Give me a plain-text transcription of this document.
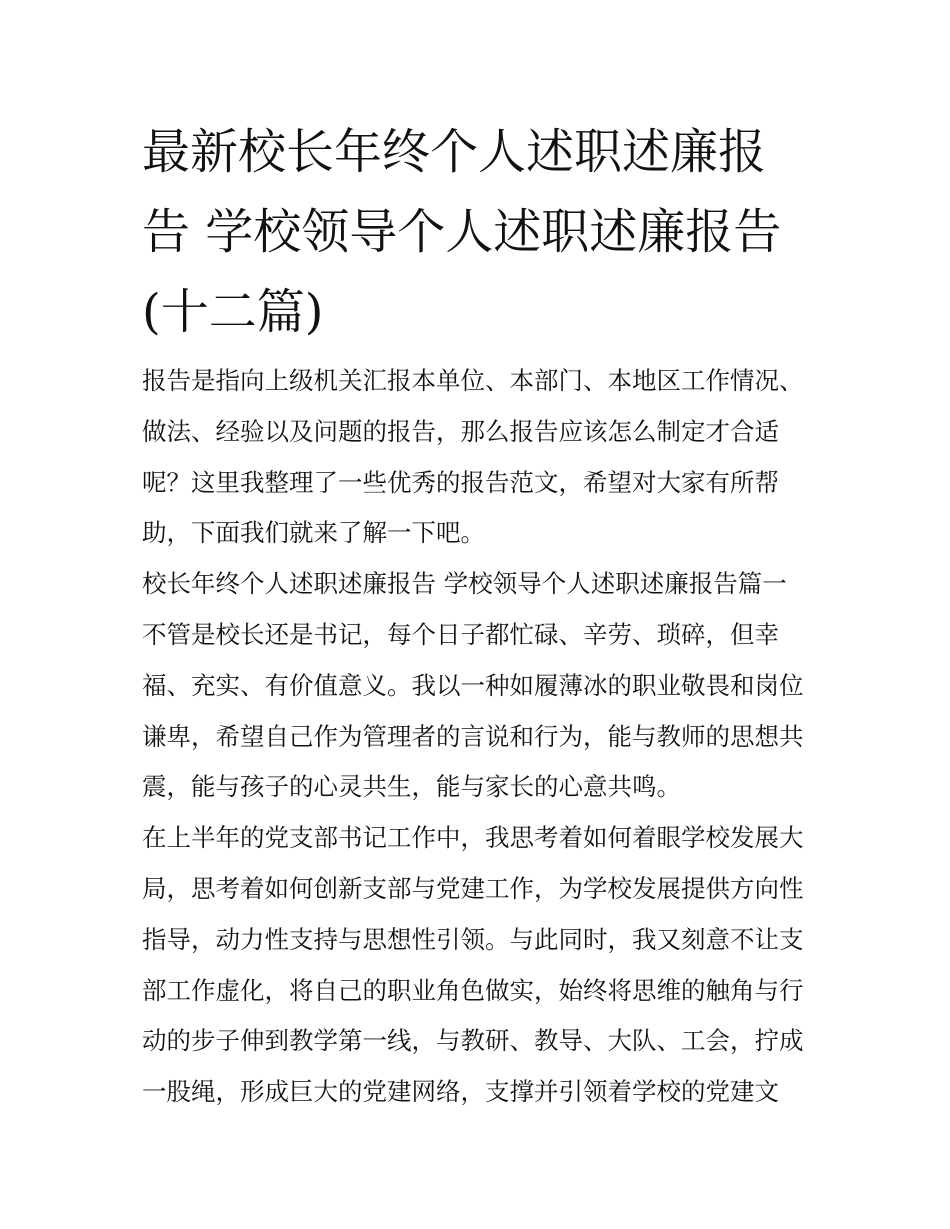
最新校长年终个人述职述廉报
告 学校领导个人述职述廉报告
(十二篇)

报告是指向上级机关汇报本单位、本部门、本地区工作情况、
做法、经验以及问题的报告，那么报告应该怎么制定才合适
呢？这里我整理了一些优秀的报告范文，希望对大家有所帮
助，下面我们就来了解一下吧。

校长年终个人述职述廉报告 学校领导个人述职述廉报告篇一

不管是校长还是书记，每个日子都忙碌、辛劳、琐碎，但幸
福、充实、有价值意义。我以一种如履薄冰的职业敬畏和岗位
谦卑，希望自己作为管理者的言说和行为，能与教师的思想共
震，能与孩子的心灵共生，能与家长的心意共鸣。

在上半年的党支部书记工作中，我思考着如何着眼学校发展大
局，思考着如何创新支部与党建工作，为学校发展提供方向性
指导，动力性支持与思想性引领。与此同时，我又刻意不让支
部工作虚化，将自己的职业角色做实，始终将思维的触角与行
动的步子伸到教学第一线，与教研、教导、大队、工会，拧成
一股绳，形成巨大的党建网络，支撑并引领着学校的党建文
